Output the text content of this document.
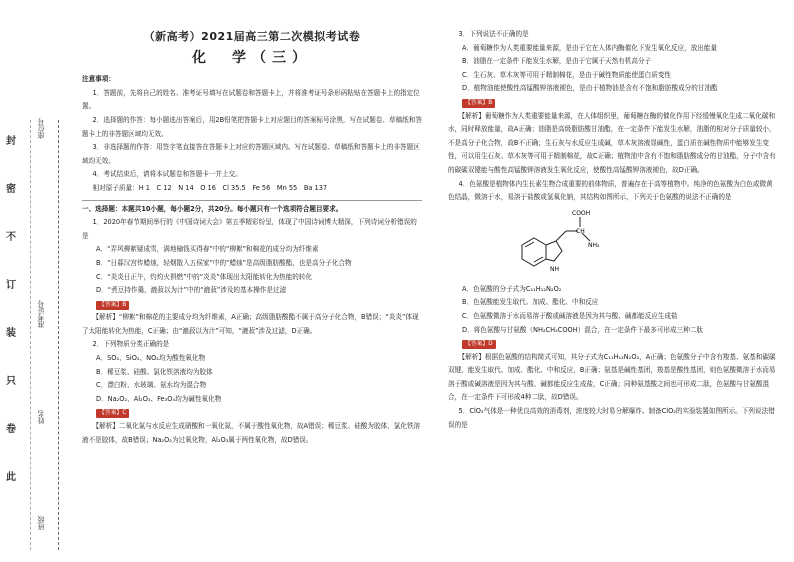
封
密
不
订
装
只
卷
此
座位号
准考证号
姓名
班级
（新高考）2021届高三第二次模拟考试卷
化　学（三）
注意事项：

1．答题前，先将自己的姓名、准考证号填写在试题卷和答题卡上，并将准考证号条形码粘贴在答题卡上的指定位置。

2．选择题的作答：每小题选出答案后，用2B铅笔把答题卡上对应题目的答案标号涂黑，写在试题卷、草稿纸和答题卡上的非答题区域均无效。

3．非选择题的作答：用签字笔直接答在答题卡上对应的答题区域内。写在试题卷、草稿纸和答题卡上的非答题区域均无效。

4．考试结束后，请将本试题卷和答题卡一并上交。

相对原子质量：H 1　C 12　N 14　O 16　Cl 35.5　Fe 56　Mn 55　Ba 137

一、选择题：本题共10小题，每小题2分，共20分。每小题只有一个选项符合题目要求。

1．2020年春节期间举行的《中国诗词大会》第五季精彩纷呈，体现了中国诗词博大精深，下列诗词分析错误的是

A．“弄风柳絮疑成雪，满地榆钱买得春”中的“柳絮”和棉花的成分均为纤维素

B．“日暮汉宫传蜡烛，轻烟散入五侯家”中的“蜡烛”是高级脂肪酸酯，也是高分子化合物

C．“炎炎日正午，灼灼火俱燃”中的“炎炎”体现出太阳能转化为热能的转化

D．“煮豆持作羹，漉菽以为汁”中的“漉菽”涉及的基本操作是过滤

【答案】B

【解析】“柳絮”和棉花的主要成分均为纤维素，A正确；高级脂肪酸酯不属于高分子化合物，B错误；“炎炎”体现了太阳能转化为热能，C正确；由“漉菽以为汁”可知，“漉菽”涉及过滤，D正确。

2．下列物质分类正确的是

A．SO₂、SiO₂、NO₂均为酸性氧化物

B．稀豆浆、硅酸、氯化铁溶液均为胶体

C．漂白粉、水玻璃、氨水均为混合物

D．Na₂O₂、Al₂O₃、Fe₃O₄均为碱性氧化物

【答案】C

【解析】二氧化氮与水反应生成硝酸和一氧化氮，不属于酸性氧化物，故A错误；稀豆浆、硅酸为胶体，氯化铁溶液不是胶体，故B错误；Na₂O₂为过氧化物，Al₂O₃属于两性氧化物，故D错误。

3．下列说法不正确的是

A．葡萄糖作为人类重要能量来源，是由于它在人体内酶催化下发生氧化反应，放出能量

B．油脂在一定条件下能发生水解，是由于它属于天然有机高分子

C．生石灰、草木灰等可用于精制棉花，是由于碱性物质能使蛋白质变性

D．植物油能使酸性高锰酸钾溶液褪色，是由于植物油是含有不饱和脂肪酸成分的甘油酯

【答案】B

【解析】葡萄糖作为人类重要能量来源，在人体组织里，葡萄糖在酶的催化作用下经缓慢氧化生成二氧化碳和水，同时释放能量，故A正确；油脂是高级脂肪酸甘油酯，在一定条件下能发生水解，油脂的相对分子质量较小，不是高分子化合物，故B不正确；生石灰与水反应生成碱，草木灰溶液显碱性，蛋白质在碱性物质中能够发生变性，可以用生石灰、草木灰等可用于精制棉花，故C正确；植物油中含有不饱和脂肪酸成分的甘油酯，分子中含有的碳碳双键能与酸性高锰酸钾溶液发生氧化反应，使酸性高锰酸钾溶液褪色，故D正确。

4．色氨酸是植物体内生长素生物合成重要的前体物质，普遍存在于高等植物中。纯净的色氨酸为白色或微黄色结晶，微溶于水，易溶于盐酸或氢氧化钠，其结构如图所示，下列关于色氨酸的说法不正确的是

COOH
CH
NH₂
NH

A．色氨酸的分子式为C₁₁H₁₂N₂O₂

B．色氨酸能发生取代、加成、酯化、中和反应

C．色氨酸微溶于水而易溶于酸或碱溶液是因为其与酸、碱都能反应生成盐

D．将色氨酸与甘氨酸（NH₂CH₂COOH）混合，在一定条件下最多可形成三种二肽

【答案】D

【解析】根据色氨酸的结构简式可知，其分子式为C₁₁H₁₂N₂O₂，A正确；色氨酸分子中含有羧基、氨基和碳碳双键，能发生取代、加成、酯化、中和反应，B正确；氨基是碱性基团，羧基是酸性基团，则色氨酸微溶于水而易溶于酸或碱溶液是因为其与酸、碱都能反应生成盐，C正确；同种氨基酸之间也可形成二肽，色氨酸与甘氨酸混合，在一定条件下可形成4种二肽，故D错误。

5．ClO₂气体是一种优良高效的消毒剂，浓度较大时易分解爆炸。制备ClO₂的实验装置如图所示。下列说法错误的是
